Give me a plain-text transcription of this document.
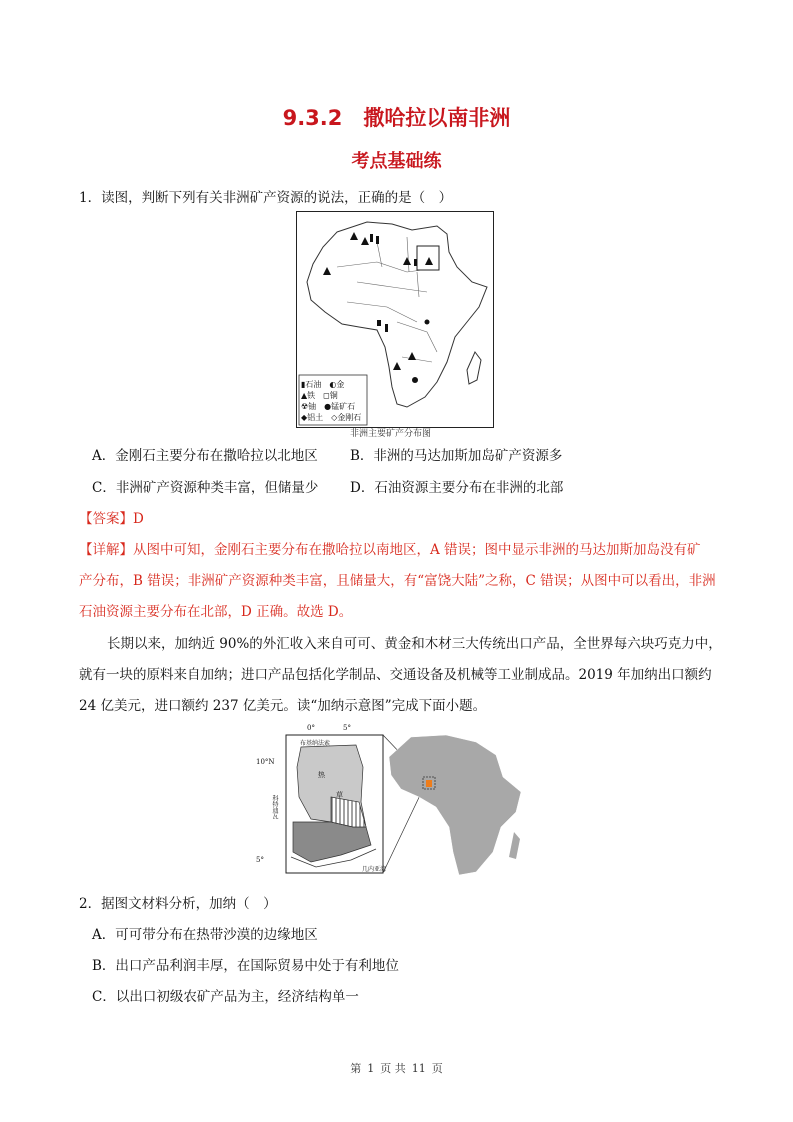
9.3.2　撒哈拉以南非洲
考点基础练
1．读图，判断下列有关非洲矿产资源的说法，正确的是（　）
▮石油　 ◐金
▲铁　 ◻铜
☢铀　 ●锰矿石
◆铝土　 ◇金刚石
非洲主要矿产分布图
A．金刚石主要分布在撒哈拉以北地区 B．非洲的马达加斯加岛矿产资源多
C．非洲矿产资源种类丰富，但储量少 D．石油资源主要分布在非洲的北部
【答案】D
【详解】从图中可知，金刚石主要分布在撒哈拉以南地区，A 错误；图中显示非洲的马达加斯加岛没有矿
产分布，B 错误；非洲矿产资源种类丰富，且储量大，有“富饶大陆”之称，C 错误；从图中可以看出，非洲
石油资源主要分布在北部，D 正确。故选 D。
长期以来，加纳近 90%的外汇收入来自可可、黄金和木材三大传统出口产品，全世界每六块巧克力中，
就有一块的原料来自加纳；进口产品包括化学制品、交通设备及机械等工业制成品。2019 年加纳出口额约
24 亿美元，进口额约 237 亿美元。读“加纳示意图”完成下面小题。
0°	5°
10°N
5°
布基纳法索
科特迪瓦
几内亚湾
热
草
2．据图文材料分析，加纳（　）
A．可可带分布在热带沙漠的边缘地区
B．出口产品利润丰厚，在国际贸易中处于有利地位
C．以出口初级农矿产品为主，经济结构单一
第 1 页 共 11 页
